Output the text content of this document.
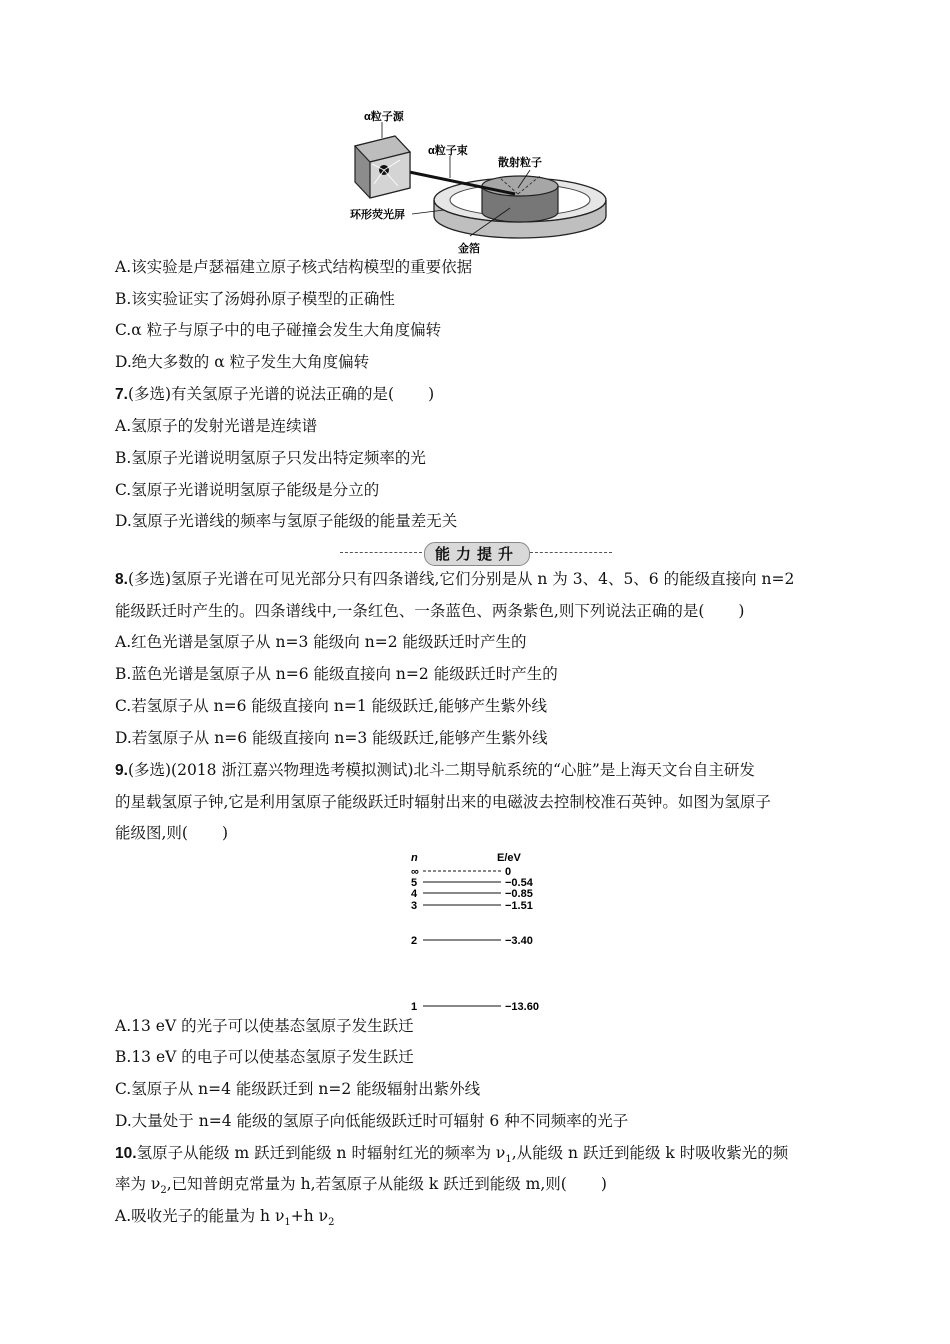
α粒子源
α粒子束
散射粒子
环形荧光屏
金箔
A.该实验是卢瑟福建立原子核式结构模型的重要依据
B.该实验证实了汤姆孙原子模型的正确性
C.α 粒子与原子中的电子碰撞会发生大角度偏转
D.绝大多数的 α 粒子发生大角度偏转
7.(多选)有关氢原子光谱的说法正确的是( )
A.氢原子的发射光谱是连续谱
B.氢原子光谱说明氢原子只发出特定频率的光
C.氢原子光谱说明氢原子能级是分立的
D.氢原子光谱线的频率与氢原子能级的能量差无关
能力提升
8.(多选)氢原子光谱在可见光部分只有四条谱线,它们分别是从 n 为 3、4、5、6 的能级直接向 n=2
能级跃迁时产生的。四条谱线中,一条红色、一条蓝色、两条紫色,则下列说法正确的是( )
A.红色光谱是氢原子从 n=3 能级向 n=2 能级跃迁时产生的
B.蓝色光谱是氢原子从 n=6 能级直接向 n=2 能级跃迁时产生的
C.若氢原子从 n=6 能级直接向 n=1 能级跃迁,能够产生紫外线
D.若氢原子从 n=6 能级直接向 n=3 能级跃迁,能够产生紫外线
9.(多选)(2018 浙江嘉兴物理选考模拟测试)北斗二期导航系统的“心脏”是上海天文台自主研发
的星载氢原子钟,它是利用氢原子能级跃迁时辐射出来的电磁波去控制校准石英钟。如图为氢原子
能级图,则( )
n	E/eV
∞	0
5	−0.54
4	−0.85
3	−1.51
2	−3.40
1	−13.60
A.13 eV 的光子可以使基态氢原子发生跃迁
B.13 eV 的电子可以使基态氢原子发生跃迁
C.氢原子从 n=4 能级跃迁到 n=2 能级辐射出紫外线
D.大量处于 n=4 能级的氢原子向低能级跃迁时可辐射 6 种不同频率的光子
10.氢原子从能级 m 跃迁到能级 n 时辐射红光的频率为 $\nu_1$,从能级 n 跃迁到能级 k 时吸收紫光的频
率为 $\nu_2$,已知普朗克常量为 h,若氢原子从能级 k 跃迁到能级 m,则( )
A.吸收光子的能量为 h $\nu_1+h$ $\nu_2$
